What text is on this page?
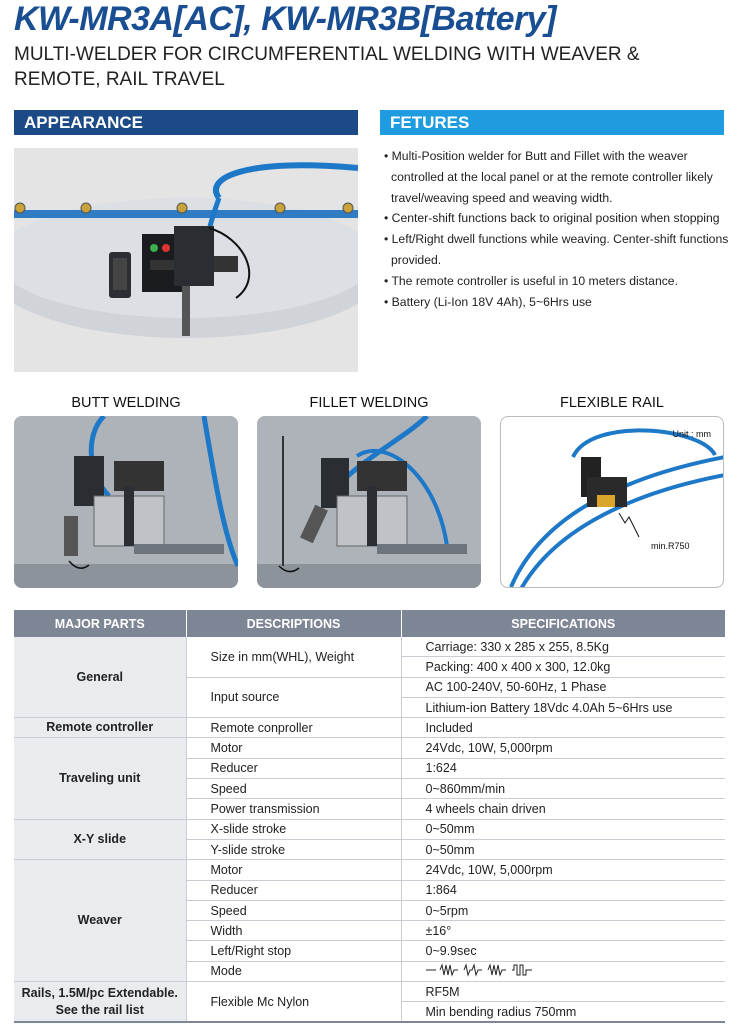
KW-MR3A[AC], KW-MR3B[Battery]
MULTI-WELDER FOR CIRCUMFERENTIAL WELDING WITH WEAVER & REMOTE, RAIL TRAVEL
APPEARANCE	FETURES
• Multi-Position welder for Butt and Fillet with the weaver controlled at the local panel or at the remote controller likely travel/weaving speed and weaving width.
• Center-shift functions back to original position when stopping
• Left/Right dwell functions while weaving. Center-shift functions provided.
• The remote controller is useful in 10 meters distance.
• Battery (Li-Ion 18V 4Ah), 5~6Hrs use
BUTT WELDING	FILLET WELDING	FLEXIBLE RAIL
Unit : mm
min.R750
MAJOR PARTS	DESCRIPTIONS	SPECIFICATIONS
General	Size in mm(WHL), Weight	Carriage: 330 x 285 x 255, 8.5Kg
		Packing: 400 x 400 x 300, 12.0kg
	Input source	AC 100-240V, 50-60Hz, 1 Phase
		Lithium-ion Battery 18Vdc 4.0Ah 5~6Hrs use
Remote controller	Remote conproller	Included
Traveling unit	Motor	24Vdc, 10W, 5,000rpm
	Reducer	1:624
	Speed	0~860mm/min
	Power transmission	4 wheels chain driven
X-Y slide	X-slide stroke	0~50mm
	Y-slide stroke	0~50mm
Weaver	Motor	24Vdc, 10W, 5,000rpm
	Reducer	1:864
	Speed	0~5rpm
	Width	±16°
	Left/Right stop	0~9.9sec
	Mode	
Rails, 1.5M/pc Extendable. See the rail list	Flexible Mc Nylon	RF5M
		Min bending radius 750mm
